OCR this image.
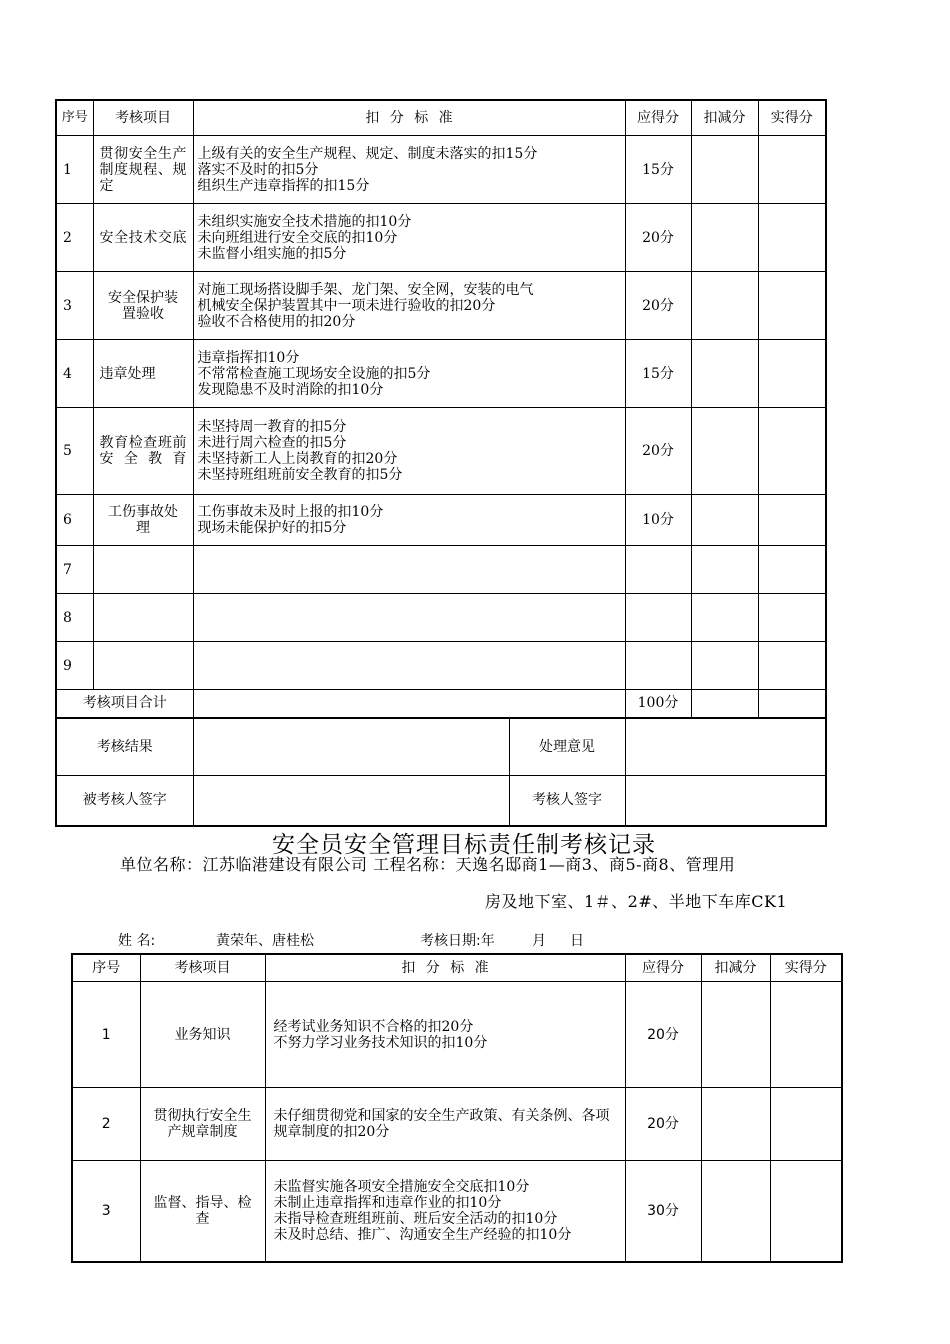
序号	考核项目	扣 分 标 准	应得分	扣减分	实得分
1	贯彻安全生产制度规程、规定	上级有关的安全生产规程、规定、制度未落实的扣15分
落实不及时的扣5分
组织生产违章指挥的扣15分	15分		
2	安全技术交底	未组织实施安全技术措施的扣10分
未向班组进行安全交底的扣10分
未监督小组实施的扣5分	20分		
3	安全保护装置验收	对施工现场搭设脚手架、龙门架、安全网，安装的电气
机械安全保护装置其中一项未进行验收的扣20分
验收不合格使用的扣20分	20分		
4	违章处理	违章指挥扣10分
不常常检查施工现场安全设施的扣5分
发现隐患不及时消除的扣10分	15分		
5	教育检查班前安全教育	未坚持周一教育的扣5分
未进行周六检查的扣5分
未坚持新工人上岗教育的扣20分
未坚持班组班前安全教育的扣5分	20分		
6	工伤事故处理	工伤事故未及时上报的扣10分
现场未能保护好的扣5分	10分		
7					
8					
9					
考核项目合计			100分		
考核结果		处理意见	
被考核人签字		考核人签字	
安全员安全管理目标责任制考核记录
单位名称：江苏临港建设有限公司 工程名称：天逸名邸商1—商3、商5-商8、管理用
房及地下室、1＃、2#、半地下车库CK1
姓 名:	黄荣年、唐桂松	考核日期:年	月 日
序号	考核项目	扣 分 标 准	应得分	扣减分	实得分
1	业务知识	经考试业务知识不合格的扣20分
不努力学习业务技术知识的扣10分	20分		
2	贯彻执行安全生产规章制度	未仔细贯彻党和国家的安全生产政策、有关条例、各项规章制度的扣20分	20分		
3	监督、指导、检查	未监督实施各项安全措施安全交底扣10分
未制止违章指挥和违章作业的扣10分
未指导检查班组班前、班后安全活动的扣10分
未及时总结、推广、沟通安全生产经验的扣10分	30分		
